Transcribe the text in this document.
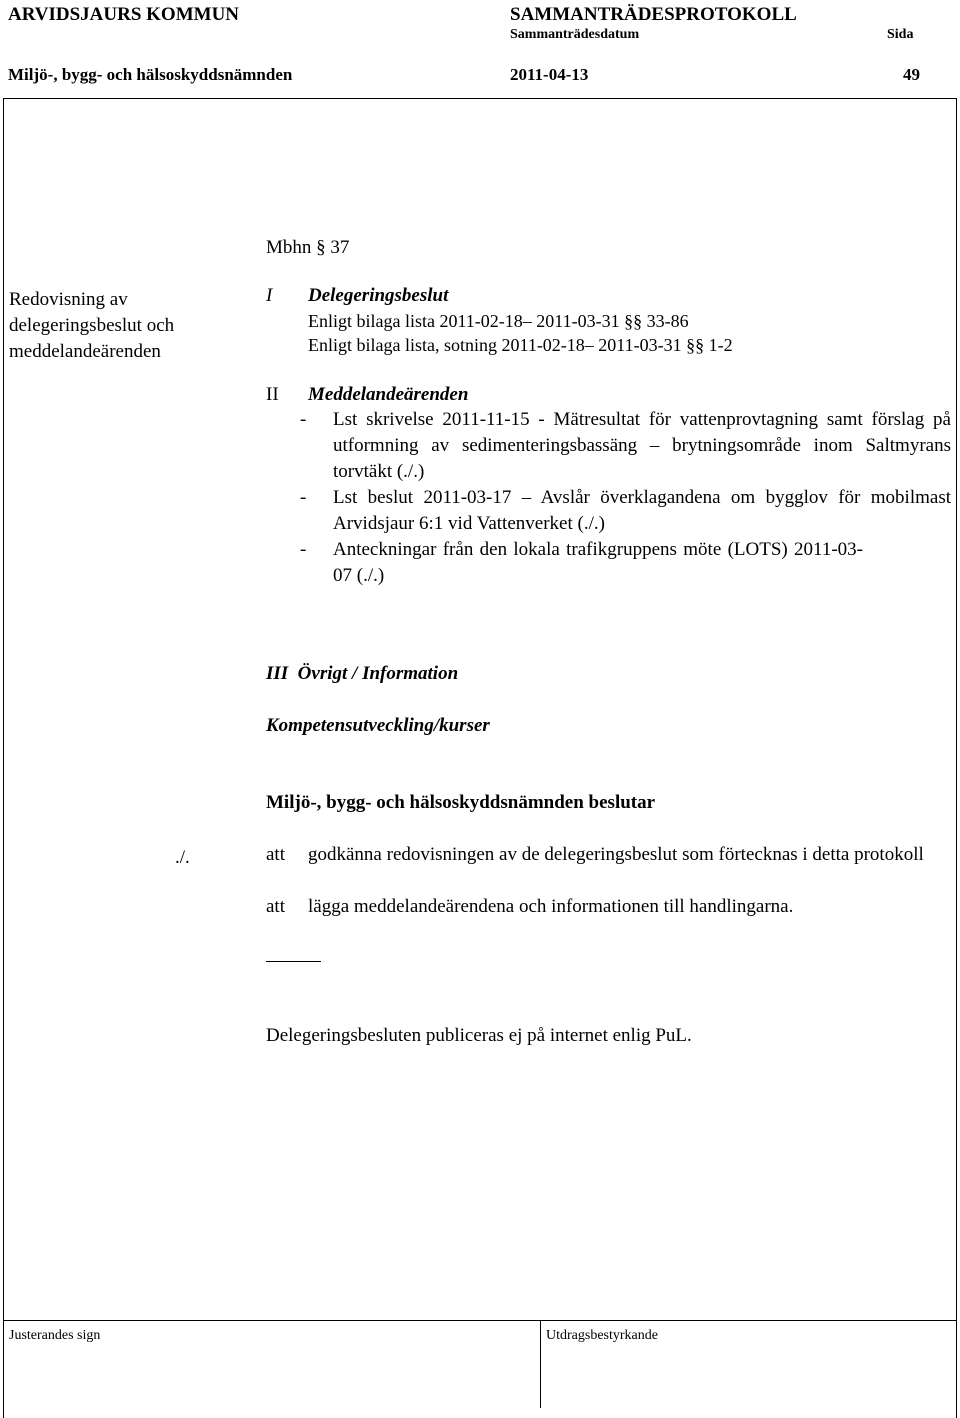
ARVIDSJAURS KOMMUN	SAMMANTRÄDESPROTOKOLL
Sammanträdesdatum	Sida
Miljö-, bygg- och hälsoskyddsnämnden	2011-04-13	49
Mbhn § 37
Redovisning av
delegeringsbeslut och
meddelandeärenden
I Delegeringsbeslut
Enligt bilaga lista 2011-02-18– 2011-03-31 §§ 33-86
Enligt bilaga lista, sotning 2011-02-18– 2011-03-31 §§ 1-2
II Meddelandeärenden
- Lst skrivelse 2011-11-15 - Mätresultat för vattenprovtagning samt förslag på utformning av sedimenteringsbassäng – brytningsområde inom Saltmyrans torvtäkt (./.)
- Lst beslut 2011-03-17 – Avslår överklagandena om bygglov för mobilmast Arvidsjaur 6:1 vid Vattenverket (./.)
- Anteckningar från den lokala trafikgruppens möte (LOTS) 2011-03-07 (./.)
III  Övrigt / Information
Kompetensutveckling/kurser
Miljö-, bygg- och hälsoskyddsnämnden beslutar
./.	att godkänna redovisningen av de delegeringsbeslut som förtecknas i detta protokoll
att lägga meddelandeärendena och informationen till handlingarna.
Delegeringsbesluten publiceras ej på internet enlig PuL.
Justerandes sign	Utdragsbestyrkande
